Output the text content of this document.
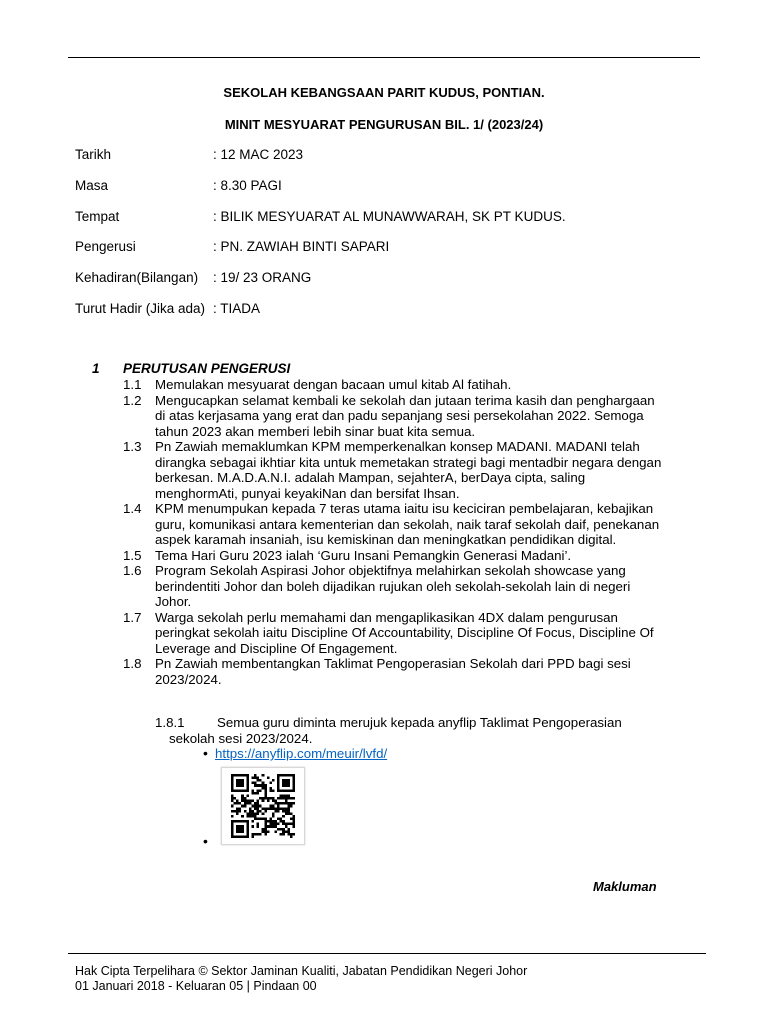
SEKOLAH KEBANGSAAN PARIT KUDUS, PONTIAN.
MINIT MESYUARAT PENGURUSAN BIL. 1/ (2023/24)
Tarikh	: 12 MAC 2023
Masa	: 8.30 PAGI
Tempat	: BILIK MESYUARAT AL MUNAWWARAH, SK PT KUDUS.
Pengerusi	: PN. ZAWIAH BINTI SAPARI
Kehadiran(Bilangan) : 19/ 23 ORANG
Turut Hadir (Jika ada) : TIADA
1 PERUTUSAN PENGERUSI
1.1 Memulakan mesyuarat dengan bacaan umul kitab Al fatihah.
1.2 Mengucapkan selamat kembali ke sekolah dan jutaan terima kasih dan penghargaan di atas kerjasama yang erat dan padu sepanjang sesi persekolahan 2022. Semoga tahun 2023 akan memberi lebih sinar buat kita semua.
1.3 Pn Zawiah memaklumkan KPM memperkenalkan konsep MADANI. MADANI telah dirangka sebagai ikhtiar kita untuk memetakan strategi bagi mentadbir negara dengan berkesan. M.A.D.A.N.I. adalah Mampan, sejahterA, berDaya cipta, saling menghormAti, punyai keyakiNan dan bersifat Ihsan.
1.4 KPM menumpukan kepada 7 teras utama iaitu isu keciciran pembelajaran, kebajikan guru, komunikasi antara kementerian dan sekolah, naik taraf sekolah daif, penekanan aspek karamah insaniah, isu kemiskinan dan meningkatkan pendidikan digital.
1.5 Tema Hari Guru 2023 ialah ‘Guru Insani Pemangkin Generasi Madani’.
1.6 Program Sekolah Aspirasi Johor objektifnya melahirkan sekolah showcase yang berindentiti Johor dan boleh dijadikan rujukan oleh sekolah-sekolah lain di negeri Johor.
1.7 Warga sekolah perlu memahami dan mengaplikasikan 4DX dalam pengurusan peringkat sekolah iaitu Discipline Of Accountability, Discipline Of Focus, Discipline Of Leverage and Discipline Of Engagement.
1.8 Pn Zawiah membentangkan Taklimat Pengoperasian Sekolah dari PPD bagi sesi 2023/2024.
1.8.1 Semua guru diminta merujuk kepada anyflip Taklimat Pengoperasian
sekolah sesi 2023/2024.
• https://anyflip.com/meuir/lvfd/
•
Makluman
Hak Cipta Terpelihara © Sektor Jaminan Kualiti, Jabatan Pendidikan Negeri Johor
01 Januari 2018 - Keluaran 05 | Pindaan 00
